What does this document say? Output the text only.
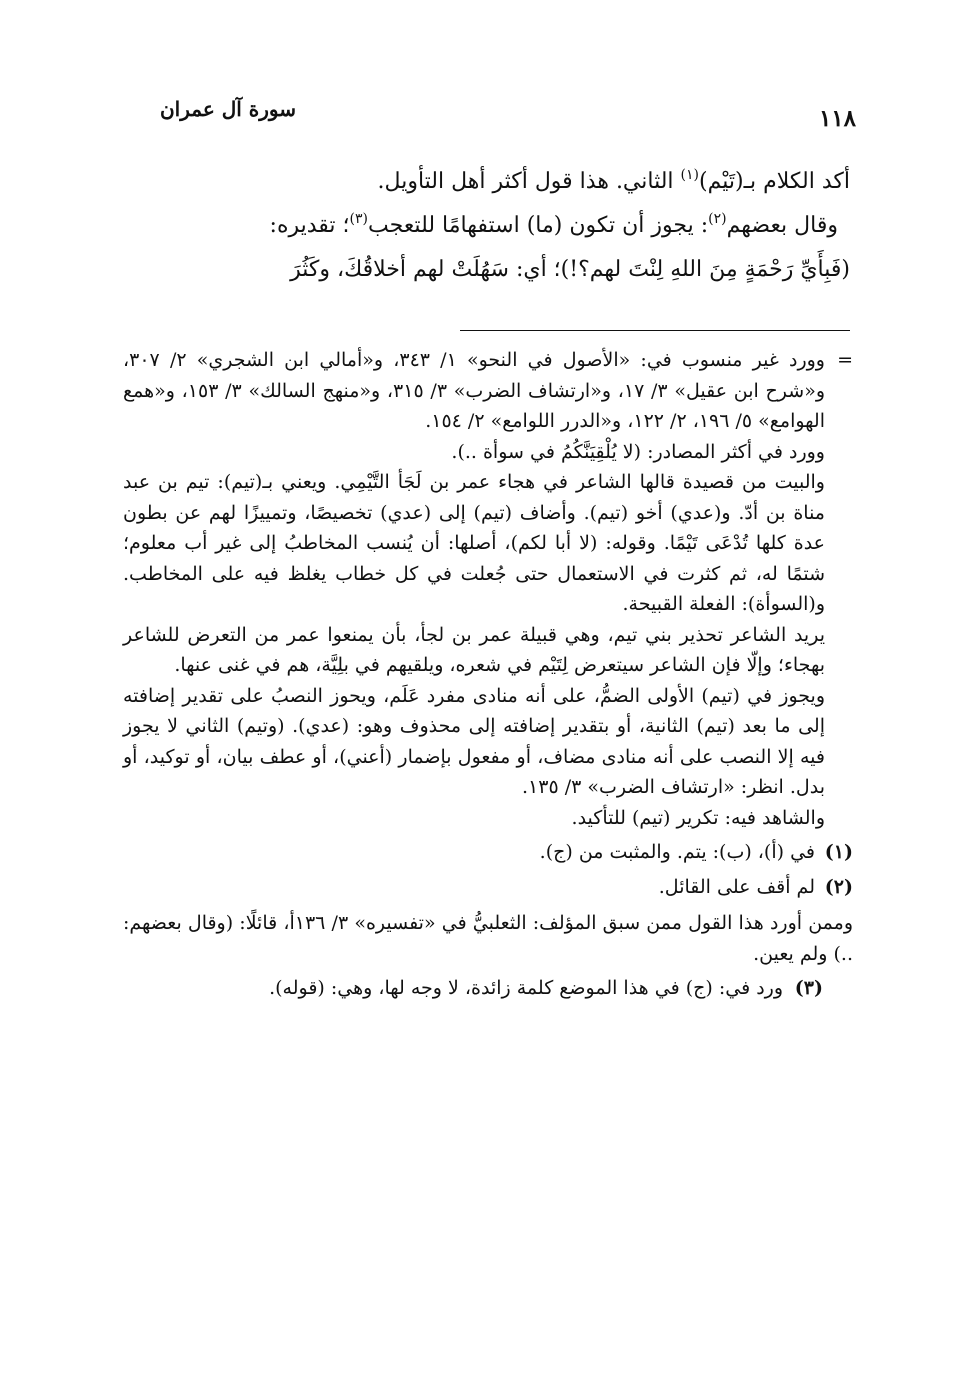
سورة آل عمران	١١٨

أكد الكلام بـ(تَيْم)$^{(١)}$ الثاني. هذا قول أكثر أهل التأويل.

وقال بعضهم$^{(٢)}$: يجوز أن تكون (ما) استفهامًا للتعجب$^{(٣)}$؛ تقديره:

(فَبِأَيِّ رَحْمَةٍ مِنَ اللهِ لِنْتَ لهم؟!)؛ أي: سَهُلَتْ لهم أخلاقُكَ، وكَثُرَ

=
وورد غير منسوب في: «الأصول في النحو» ١/ ٣٤٣، و«أمالي ابن الشجري» ٢/ ٣٠٧، و«شرح ابن عقيل» ٣/ ١٧، و«ارتشاف الضرب» ٣/ ٣١٥، و«منهج السالك» ٣/ ١٥٣، و«همع الهوامع» ٥/ ١٩٦، ٢/ ١٢٢، و«الدرر اللوامع» ٢/ ١٥٤.

وورد في أكثر المصادر: (لا يُلْقِيَنَّكُمُ في سوأة ..).

والبيت من قصيدة قالها الشاعر في هجاء عمر بن لَجَأ التَّيْمِي. ويعني بـ(تيم): تيم بن عبد مناة بن أدّ. و(عدي) أخو (تيم). وأضاف (تيم) إلى (عدي) تخصيصًا، وتمييزًا لهم عن بطون عدة كلها تُدْعَى تَيْمًا. وقوله: (لا أبا لكم)، أصلها: أن يُنسب المخاطبُ إلى غير أب معلوم؛ شتمًا له، ثم كثرت في الاستعمال حتى جُعلت في كل خطاب يغلظ فيه على المخاطب. و(السوأة): الفعلة القبيحة.

يريد الشاعر تحذير بني تيم، وهي قبيلة عمر بن لجأ، بأن يمنعوا عمر من التعرض للشاعر بهجاء؛ وإلّا فإن الشاعر سيتعرض لِتَيْم في شعره، ويلقيهم في بلِيَّة، هم في غنى عنها.

ويجوز في (تيم) الأولى الضمُّ، على أنه منادى مفرد عَلَم، ويحوز النصبُ على تقدير إضافته إلى ما بعد (تيم) الثانية، أو بتقدير إضافته إلى محذوف وهو: (عدي). (وتيم) الثاني لا يجوز فيه إلا النصب على أنه منادى مضاف، أو مفعول بإضمار (أعني)، أو عطف بيان، أو توكيد، أو بدل. انظر: «ارتشاف الضرب» ٣/ ١٣٥.

والشاهد فيه: تكرير (تيم) للتأكيد.

(١)
في (أ)، (ب): يتم. والمثبت من (ج).

(٢)
لم أقف على القائل.

وممن أورد هذا القول ممن سبق المؤلف: الثعلبيُّ في «تفسيره» ٣/ ١٣٦أ، قائلًا: (وقال بعضهم: ..) ولم يعين.

(٣)
ورد في: (ج) في هذا الموضع كلمة زائدة، لا وجه لها، وهي: (قوله).
